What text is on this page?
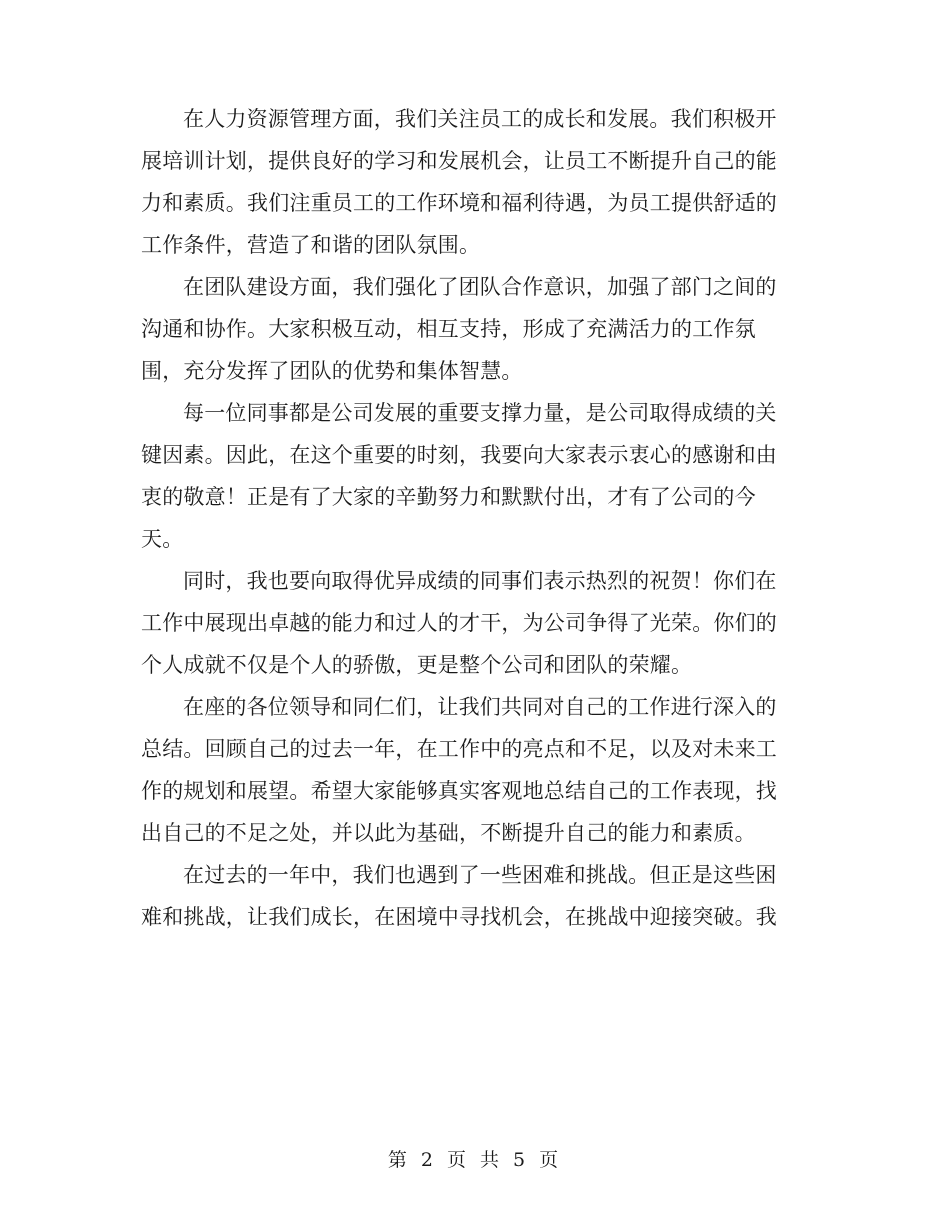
在人力资源管理方面，我们关注员工的成长和发展。我们积极开
展培训计划，提供良好的学习和发展机会，让员工不断提升自己的能
力和素质。我们注重员工的工作环境和福利待遇，为员工提供舒适的
工作条件，营造了和谐的团队氛围。

在团队建设方面，我们强化了团队合作意识，加强了部门之间的
沟通和协作。大家积极互动，相互支持，形成了充满活力的工作氛
围，充分发挥了团队的优势和集体智慧。

每一位同事都是公司发展的重要支撑力量，是公司取得成绩的关
键因素。因此，在这个重要的时刻，我要向大家表示衷心的感谢和由
衷的敬意！正是有了大家的辛勤努力和默默付出，才有了公司的今
天。

同时，我也要向取得优异成绩的同事们表示热烈的祝贺！你们在
工作中展现出卓越的能力和过人的才干，为公司争得了光荣。你们的
个人成就不仅是个人的骄傲，更是整个公司和团队的荣耀。

在座的各位领导和同仁们，让我们共同对自己的工作进行深入的
总结。回顾自己的过去一年，在工作中的亮点和不足，以及对未来工
作的规划和展望。希望大家能够真实客观地总结自己的工作表现，找
出自己的不足之处，并以此为基础，不断提升自己的能力和素质。

在过去的一年中，我们也遇到了一些困难和挑战。但正是这些困
难和挑战，让我们成长，在困境中寻找机会，在挑战中迎接突破。我

第 2 页 共 5 页
